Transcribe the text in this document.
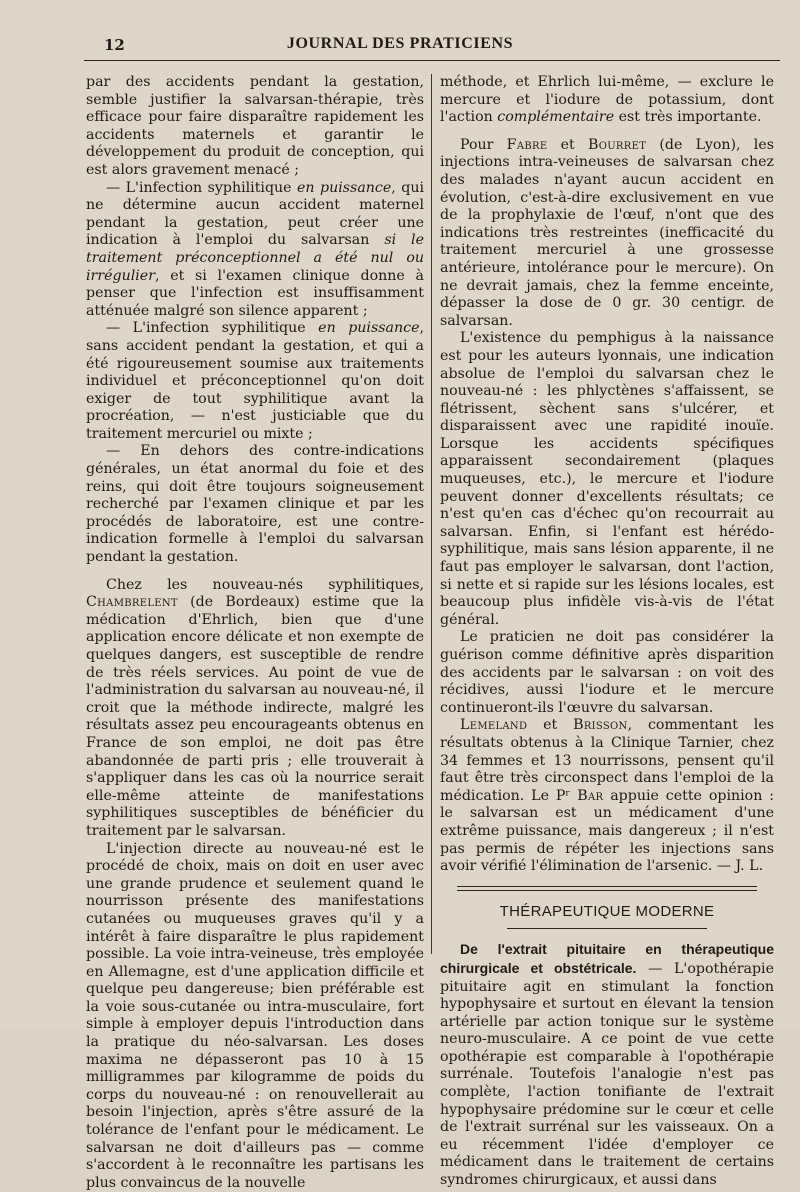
12	JOURNAL DES PRATICIENS

par des accidents pendant la gestation, semble justifier la salvarsan-thérapie, très efficace pour faire disparaître rapidement les accidents maternels et garantir le développement du produit de conception, qui est alors gravement menacé ;

— L'infection syphilitique en puissance, qui ne détermine aucun accident maternel pendant la gestation, peut créer une indication à l'emploi du salvarsan si le traitement préconceptionnel a été nul ou irrégulier, et si l'examen clinique donne à penser que l'infection est insuffisamment atténuée malgré son silence apparent ;

— L'infection syphilitique en puissance, sans accident pendant la gestation, et qui a été rigoureusement soumise aux traitements individuel et préconceptionnel qu'on doit exiger de tout syphilitique avant la procréation, — n'est justiciable que du traitement mercuriel ou mixte ;

— En dehors des contre-indications générales, un état anormal du foie et des reins, qui doit être toujours soigneusement recherché par l'examen clinique et par les procédés de laboratoire, est une contre-indication formelle à l'emploi du salvarsan pendant la gestation.

Chez les nouveau-nés syphilitiques, Chambrelent (de Bordeaux) estime que la médication d'Ehrlich, bien que d'une application encore délicate et non exempte de quelques dangers, est susceptible de rendre de très réels services. Au point de vue de l'administration du salvarsan au nouveau-né, il croit que la méthode indirecte, malgré les résultats assez peu encourageants obtenus en France de son emploi, ne doit pas être abandonnée de parti pris ; elle trouverait à s'appliquer dans les cas où la nourrice serait elle-même atteinte de manifestations syphilitiques susceptibles de bénéficier du traitement par le salvarsan.

L'injection directe au nouveau-né est le procédé de choix, mais on doit en user avec une grande prudence et seulement quand le nourrisson présente des manifestations cutanées ou muqueuses graves qu'il y a intérêt à faire disparaître le plus rapidement possible. La voie intra-veineuse, très employée en Allemagne, est d'une application difficile et quelque peu dangereuse; bien préférable est la voie sous-cutanée ou intra-musculaire, fort simple à employer depuis l'introduction dans la pratique du néo-salvarsan. Les doses maxima ne dépasseront pas 10 à 15 milligrammes par kilogramme de poids du corps du nouveau-né : on renouvellerait au besoin l'injection, après s'être assuré de la tolérance de l'enfant pour le médicament. Le salvarsan ne doit d'ailleurs pas — comme s'accordent à le reconnaître les partisans les plus convaincus de la nouvelle

méthode, et Ehrlich lui-même, — exclure le mercure et l'iodure de potassium, dont l'action complémentaire est très importante.

Pour Fabre et Bourret (de Lyon), les injections intra-veineuses de salvarsan chez des malades n'ayant aucun accident en évolution, c'est-à-dire exclusivement en vue de la prophylaxie de l'œuf, n'ont que des indications très restreintes (inefficacité du traitement mercuriel à une grossesse antérieure, intolérance pour le mercure). On ne devrait jamais, chez la femme enceinte, dépasser la dose de 0 gr. 30 centigr. de salvarsan.

L'existence du pemphigus à la naissance est pour les auteurs lyonnais, une indication absolue de l'emploi du salvarsan chez le nouveau-né : les phlyctènes s'affaissent, se flétrissent, sèchent sans s'ulcérer, et disparaissent avec une rapidité inouïe. Lorsque les accidents spécifiques apparaissent secondairement (plaques muqueuses, etc.), le mercure et l'iodure peuvent donner d'excellents résultats; ce n'est qu'en cas d'échec qu'on recourrait au salvarsan. Enfin, si l'enfant est hérédo-syphilitique, mais sans lésion apparente, il ne faut pas employer le salvarsan, dont l'action, si nette et si rapide sur les lésions locales, est beaucoup plus infidèle vis-à-vis de l'état général.

Le praticien ne doit pas considérer la guérison comme définitive après disparition des accidents par le salvarsan : on voit des récidives, aussi l'iodure et le mercure continueront-ils l'œuvre du salvarsan.

Lemeland et Brisson, commentant les résultats obtenus à la Clinique Tarnier, chez 34 femmes et 13 nourrissons, pensent qu'il faut être très circonspect dans l'emploi de la médication. Le Pʳ Bar appuie cette opinion : le salvarsan est un médicament d'une extrême puissance, mais dangereux ; il n'est pas permis de répéter les injections sans avoir vérifié l'élimination de l'arsenic. — J. L.

THÉRAPEUTIQUE MODERNE

De l'extrait pituitaire en thérapeutique chirurgicale et obstétricale. — L'opothérapie pituitaire agit en stimulant la fonction hypophysaire et surtout en élevant la tension artérielle par action tonique sur le système neuro-musculaire. A ce point de vue cette opothérapie est comparable à l'opothérapie surrénale. Toutefois l'analogie n'est pas complète, l'action tonifiante de l'extrait hypophysaire prédomine sur le cœur et celle de l'extrait surrénal sur les vaisseaux. On a eu récemment l'idée d'employer ce médicament dans le traitement de certains syndromes chirurgicaux, et aussi dans
